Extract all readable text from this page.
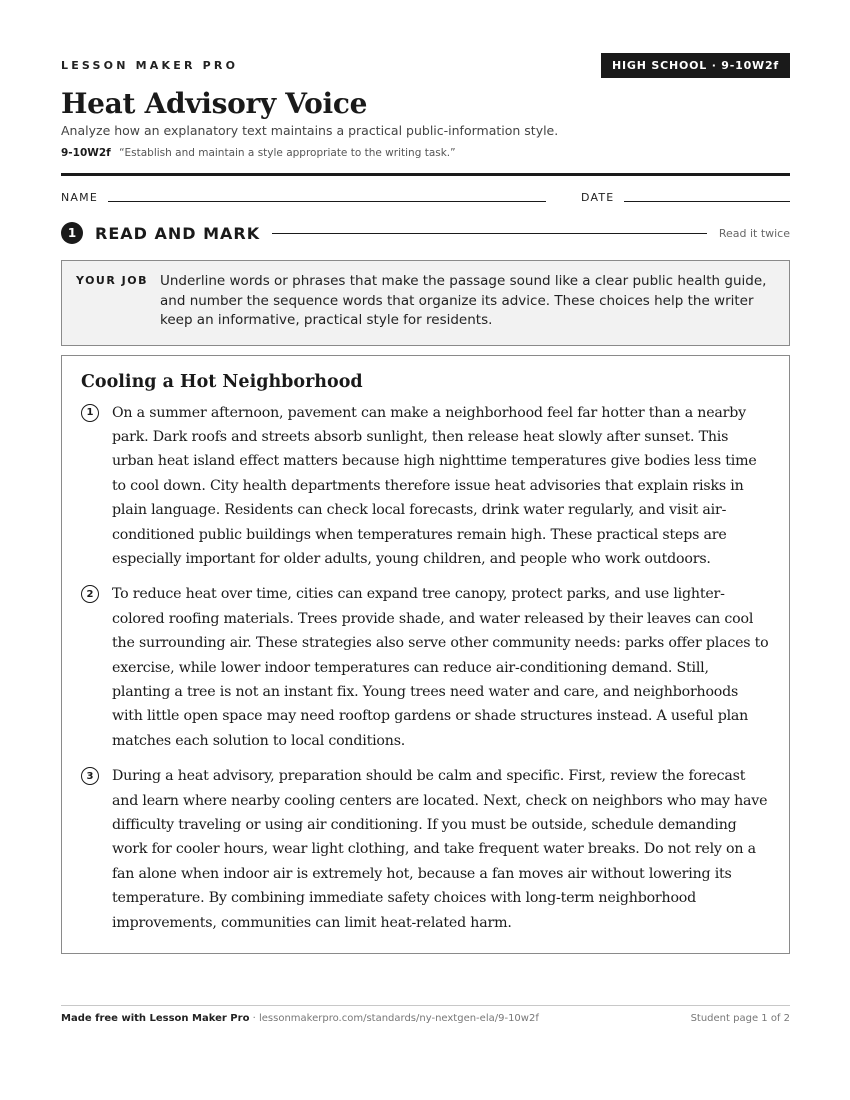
LESSON MAKER PRO	HIGH SCHOOL · 9-10W2f
Heat Advisory Voice
Analyze how an explanatory text maintains a practical public-information style.
9-10W2f “Establish and maintain a style appropriate to the writing task.”
NAME	DATE
1	READ AND MARK	Read it twice
YOUR JOB Underline words or phrases that make the passage sound like a clear public health guide, and number the sequence words that organize its advice. These choices help the writer keep an informative, practical style for residents.
Cooling a Hot Neighborhood
1	On a summer afternoon, pavement can make a neighborhood feel far hotter than a nearby park. Dark roofs and streets absorb sunlight, then release heat slowly after sunset. This urban heat island effect matters because high nighttime temperatures give bodies less time to cool down. City health departments therefore issue heat advisories that explain risks in plain language. Residents can check local forecasts, drink water regularly, and visit air-conditioned public buildings when temperatures remain high. These practical steps are especially important for older adults, young children, and people who work outdoors.
2	To reduce heat over time, cities can expand tree canopy, protect parks, and use lighter-colored roofing materials. Trees provide shade, and water released by their leaves can cool the surrounding air. These strategies also serve other community needs: parks offer places to exercise, while lower indoor temperatures can reduce air-conditioning demand. Still, planting a tree is not an instant fix. Young trees need water and care, and neighborhoods with little open space may need rooftop gardens or shade structures instead. A useful plan matches each solution to local conditions.
3	During a heat advisory, preparation should be calm and specific. First, review the forecast and learn where nearby cooling centers are located. Next, check on neighbors who may have difficulty traveling or using air conditioning. If you must be outside, schedule demanding work for cooler hours, wear light clothing, and take frequent water breaks. Do not rely on a fan alone when indoor air is extremely hot, because a fan moves air without lowering its temperature. By combining immediate safety choices with long-term neighborhood improvements, communities can limit heat-related harm.
Made free with Lesson Maker Pro · lessonmakerpro.com/standards/ny-nextgen-ela/9-10w2f	Student page 1 of 2
